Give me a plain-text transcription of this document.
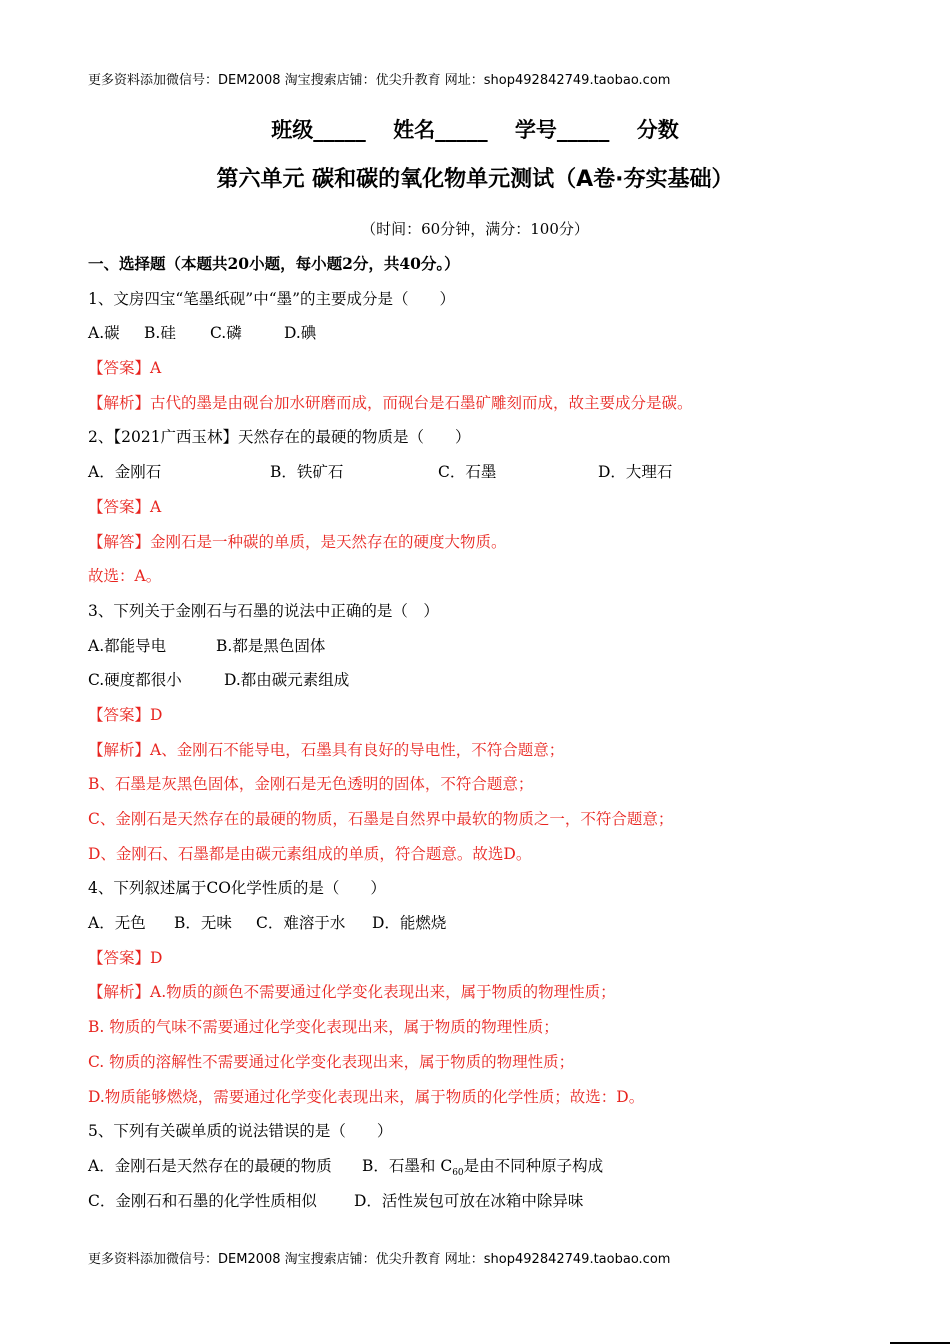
更多资料添加微信号：DEM2008 淘宝搜索店铺：优尖升教育 网址：shop492842749.taobao.com
班级_____ 姓名_____ 学号_____ 分数
第六单元 碳和碳的氧化物单元测试（A卷·夯实基础）
（时间：60分钟，满分：100分）
一、选择题（本题共20小题，每小题2分，共40分。）
1、文房四宝“笔墨纸砚”中“墨”的主要成分是（　　）
A.碳 B.硅 C.磷	D.碘
【答案】A
【解析】古代的墨是由砚台加水研磨而成，而砚台是石墨矿雕刻而成，故主要成分是碳。
2、【2021广西玉林】天然存在的最硬的物质是（　　）
A．金刚石	B．铁矿石	C．石墨	D．大理石
【答案】A
【解答】金刚石是一种碳的单质，是天然存在的硬度大物质。
故选：A。
3、下列关于金刚石与石墨的说法中正确的是（　）
A.都能导电	B.都是黑色固体
C.硬度都很小	D.都由碳元素组成
【答案】D
【解析】A、金刚石不能导电，石墨具有良好的导电性，不符合题意；
B、石墨是灰黑色固体，金刚石是无色透明的固体，不符合题意；
C、金刚石是天然存在的最硬的物质，石墨是自然界中最软的物质之一，不符合题意；
D、金刚石、石墨都是由碳元素组成的单质，符合题意。故选D。
4、下列叙述属于CO化学性质的是（　　）
A．无色 B．无味 C．难溶于水 D．能燃烧
【答案】D
【解析】A.物质的颜色不需要通过化学变化表现出来，属于物质的物理性质；
B. 物质的气味不需要通过化学变化表现出来，属于物质的物理性质；
C. 物质的溶解性不需要通过化学变化表现出来，属于物质的物理性质；
D.物质能够燃烧，需要通过化学变化表现出来，属于物质的化学性质；故选：D。
5、下列有关碳单质的说法错误的是（　　）
A．金刚石是天然存在的最硬的物质 B．石墨和 $C_{60}$是由不同种原子构成
C．金刚石和石墨的化学性质相似 D．活性炭包可放在冰箱中除异味
更多资料添加微信号：DEM2008 淘宝搜索店铺：优尖升教育 网址：shop492842749.taobao.com
